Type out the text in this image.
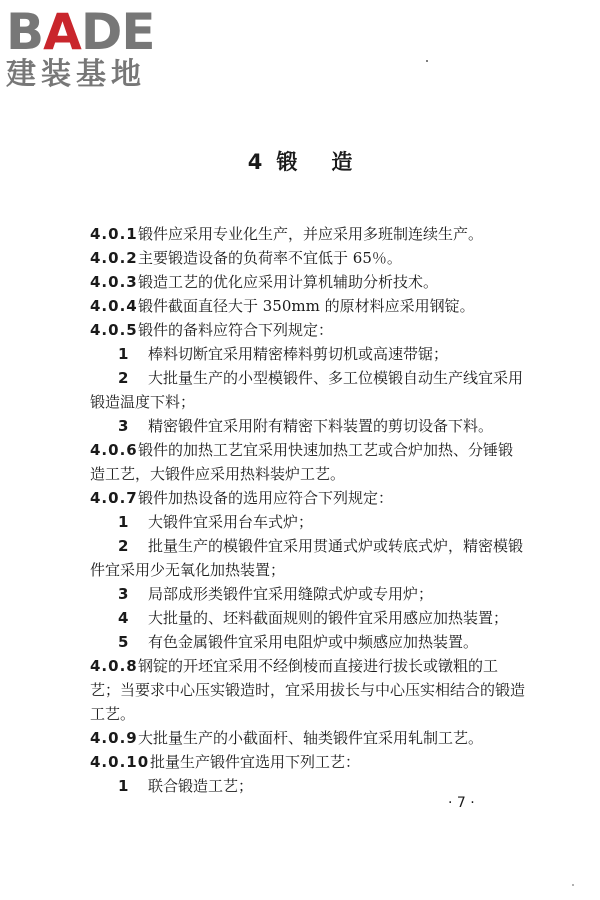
BADE
建装基地
4 锻 造
4.0.1锻件应采用专业化生产，并应采用多班制连续生产。
4.0.2主要锻造设备的负荷率不宜低于 65％。
4.0.3锻造工艺的优化应采用计算机辅助分析技术。
4.0.4锻件截面直径大于 350mm 的原材料应采用钢锭。
4.0.5锻件的备料应符合下列规定：
1 棒料切断宜采用精密棒料剪切机或高速带锯；
2 大批量生产的小型模锻件、多工位模锻自动生产线宜采用
锻造温度下料；
3 精密锻件宜采用附有精密下料装置的剪切设备下料。
4.0.6锻件的加热工艺宜采用快速加热工艺或合炉加热、分锤锻
造工艺，大锻件应采用热料装炉工艺。
4.0.7锻件加热设备的选用应符合下列规定：
1 大锻件宜采用台车式炉；
2 批量生产的模锻件宜采用贯通式炉或转底式炉，精密模锻
件宜采用少无氧化加热装置；
3 局部成形类锻件宜采用缝隙式炉或专用炉；
4 大批量的、坯料截面规则的锻件宜采用感应加热装置；
5 有色金属锻件宜采用电阻炉或中频感应加热装置。
4.0.8钢锭的开坯宜采用不经倒棱而直接进行拔长或镦粗的工
艺；当要求中心压实锻造时，宜采用拔长与中心压实相结合的锻造
工艺。
4.0.9大批量生产的小截面杆、轴类锻件宜采用轧制工艺。
4.0.10批量生产锻件宜选用下列工艺：
1 联合锻造工艺；
· 7 ·
